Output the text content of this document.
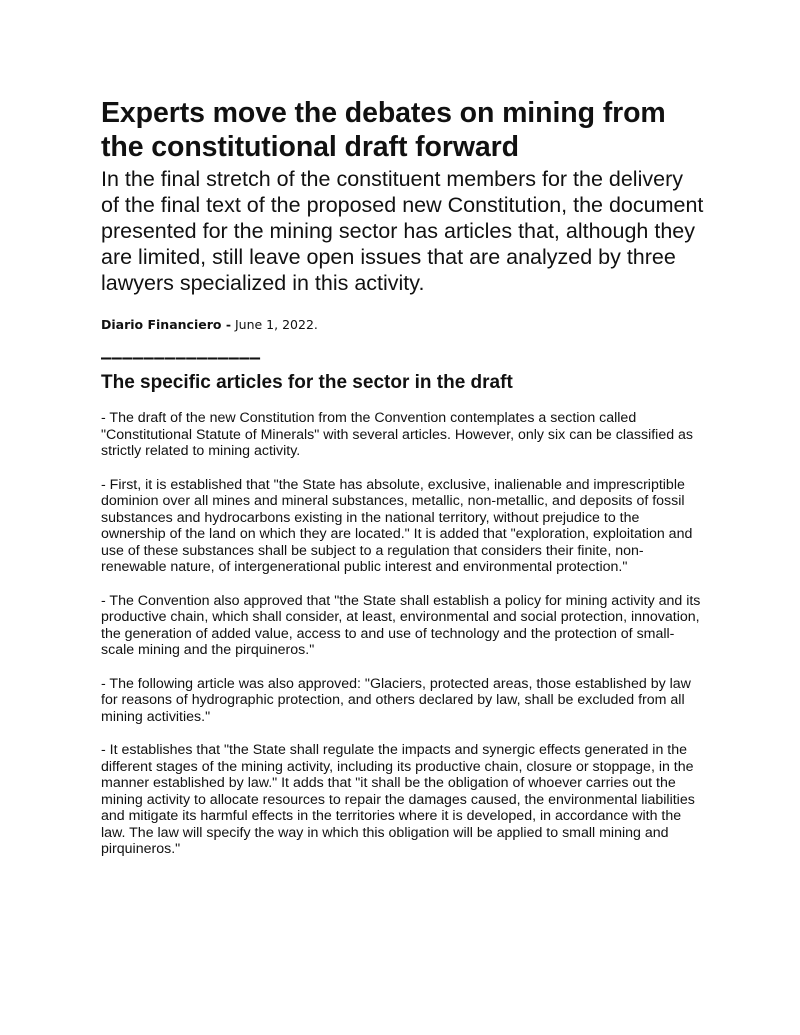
Experts move the debates on mining from the constitutional draft forward

In the final stretch of the constituent members for the delivery of the final text of the proposed new Constitution, the document presented for the mining sector has articles that, although they are limited, still leave open issues that are analyzed by three lawyers specialized in this activity.

Diario Financiero - June 1, 2022.
———————————————
The specific articles for the sector in the draft

- The draft of the new Constitution from the Convention contemplates a section called "Constitutional Statute of Minerals" with several articles. However, only six can be classified as strictly related to mining activity.

- First, it is established that "the State has absolute, exclusive, inalienable and imprescriptible dominion over all mines and mineral substances, metallic, non-metallic, and deposits of fossil substances and hydrocarbons existing in the national territory, without prejudice to the ownership of the land on which they are located." It is added that "exploration, exploitation and use of these substances shall be subject to a regulation that considers their finite, non-renewable nature, of intergenerational public interest and environmental protection."

- The Convention also approved that "the State shall establish a policy for mining activity and its productive chain, which shall consider, at least, environmental and social protection, innovation, the generation of added value, access to and use of technology and the protection of small-scale mining and the pirquineros."

- The following article was also approved: "Glaciers, protected areas, those established by law for reasons of hydrographic protection, and others declared by law, shall be excluded from all mining activities."

- It establishes that "the State shall regulate the impacts and synergic effects generated in the different stages of the mining activity, including its productive chain, closure or stoppage, in the manner established by law." It adds that "it shall be the obligation of whoever carries out the mining activity to allocate resources to repair the damages caused, the environmental liabilities and mitigate its harmful effects in the territories where it is developed, in accordance with the law. The law will specify the way in which this obligation will be applied to small mining and pirquineros."
